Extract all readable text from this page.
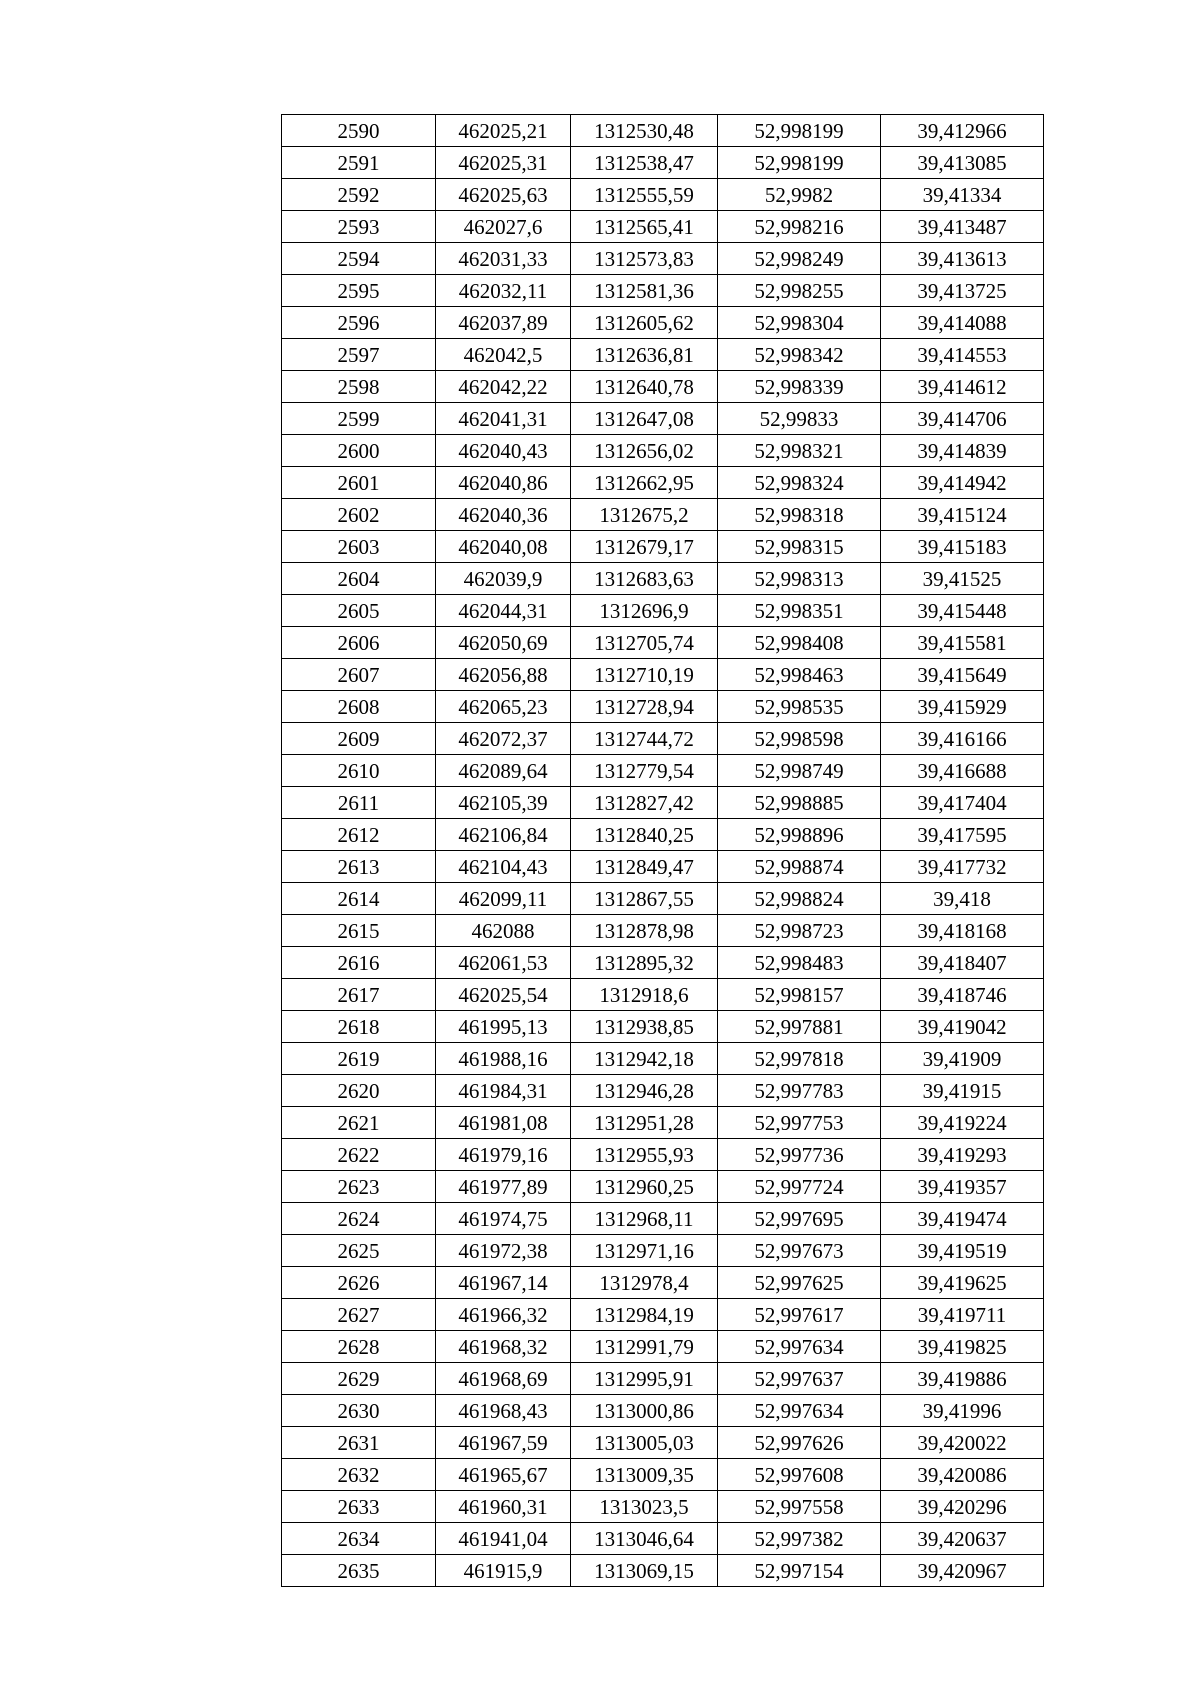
2590	462025,21	1312530,48	52,998199	39,412966
2591	462025,31	1312538,47	52,998199	39,413085
2592	462025,63	1312555,59	52,9982	39,41334
2593	462027,6	1312565,41	52,998216	39,413487
2594	462031,33	1312573,83	52,998249	39,413613
2595	462032,11	1312581,36	52,998255	39,413725
2596	462037,89	1312605,62	52,998304	39,414088
2597	462042,5	1312636,81	52,998342	39,414553
2598	462042,22	1312640,78	52,998339	39,414612
2599	462041,31	1312647,08	52,99833	39,414706
2600	462040,43	1312656,02	52,998321	39,414839
2601	462040,86	1312662,95	52,998324	39,414942
2602	462040,36	1312675,2	52,998318	39,415124
2603	462040,08	1312679,17	52,998315	39,415183
2604	462039,9	1312683,63	52,998313	39,41525
2605	462044,31	1312696,9	52,998351	39,415448
2606	462050,69	1312705,74	52,998408	39,415581
2607	462056,88	1312710,19	52,998463	39,415649
2608	462065,23	1312728,94	52,998535	39,415929
2609	462072,37	1312744,72	52,998598	39,416166
2610	462089,64	1312779,54	52,998749	39,416688
2611	462105,39	1312827,42	52,998885	39,417404
2612	462106,84	1312840,25	52,998896	39,417595
2613	462104,43	1312849,47	52,998874	39,417732
2614	462099,11	1312867,55	52,998824	39,418
2615	462088	1312878,98	52,998723	39,418168
2616	462061,53	1312895,32	52,998483	39,418407
2617	462025,54	1312918,6	52,998157	39,418746
2618	461995,13	1312938,85	52,997881	39,419042
2619	461988,16	1312942,18	52,997818	39,41909
2620	461984,31	1312946,28	52,997783	39,41915
2621	461981,08	1312951,28	52,997753	39,419224
2622	461979,16	1312955,93	52,997736	39,419293
2623	461977,89	1312960,25	52,997724	39,419357
2624	461974,75	1312968,11	52,997695	39,419474
2625	461972,38	1312971,16	52,997673	39,419519
2626	461967,14	1312978,4	52,997625	39,419625
2627	461966,32	1312984,19	52,997617	39,419711
2628	461968,32	1312991,79	52,997634	39,419825
2629	461968,69	1312995,91	52,997637	39,419886
2630	461968,43	1313000,86	52,997634	39,41996
2631	461967,59	1313005,03	52,997626	39,420022
2632	461965,67	1313009,35	52,997608	39,420086
2633	461960,31	1313023,5	52,997558	39,420296
2634	461941,04	1313046,64	52,997382	39,420637
2635	461915,9	1313069,15	52,997154	39,420967
